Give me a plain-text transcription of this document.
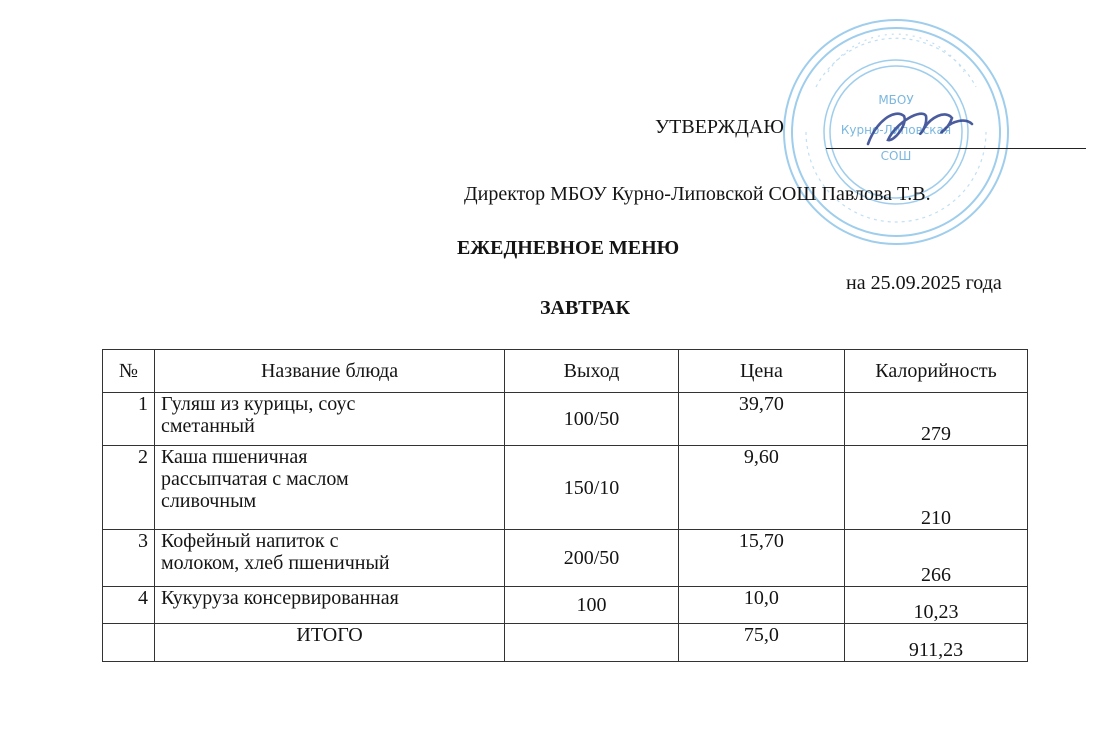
МБОУ
Курно-Липовская
СОШ
УТВЕРЖДАЮ
Директор МБОУ Курно-Липовской СОШ Павлова Т.В.
ЕЖЕДНЕВНОЕ МЕНЮ
на 25.09.2025 года
ЗАВТРАК
№	Название блюда	Выход	Цена	Калорийность
1	Гуляш из курицы, соус
сметанный	100/50	39,70	279
2	Каша пшеничная
рассыпчатая с маслом
сливочным	150/10	9,60	210
3	Кофейный напиток с
молоком, хлеб пшеничный	200/50	15,70	266
4	Кукуруза консервированная	100	10,0	10,23
	ИТОГО		75,0	911,23
